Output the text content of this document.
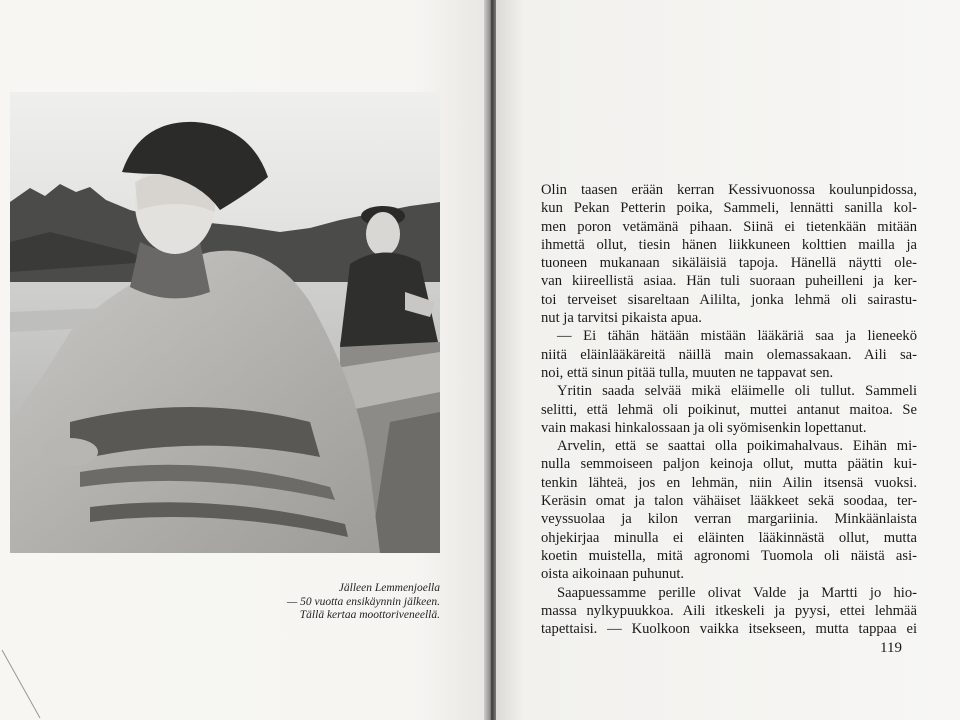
Jälleen Lemmenjoella
— 50 vuotta ensikäynnin jälkeen.
Tällä kertaa moottoriveneellä.
Olin taasen erään kerran Kessivuonossa koulunpidossa,
kun Pekan Petterin poika, Sammeli, lennätti sanilla kol-
men poron vetämänä pihaan. Siinä ei tietenkään mitään
ihmettä ollut, tiesin hänen liikkuneen kolttien mailla ja
tuoneen mukanaan sikäläisiä tapoja. Hänellä näytti ole-
van kiireellistä asiaa. Hän tuli suoraan puheilleni ja ker-
toi terveiset sisareltaan Aililta, jonka lehmä oli sairastu-
nut ja tarvitsi pikaista apua.
— Ei tähän hätään mistään lääkäriä saa ja lieneekö
niitä eläinlääkäreitä näillä main olemassakaan. Aili sa-
noi, että sinun pitää tulla, muuten ne tappavat sen.
Yritin saada selvää mikä eläimelle oli tullut. Sammeli
selitti, että lehmä oli poikinut, muttei antanut maitoa. Se
vain makasi hinkalossaan ja oli syömisenkin lopettanut.
Arvelin, että se saattai olla poikimahalvaus. Eihän mi-
nulla semmoiseen paljon keinoja ollut, mutta päätin kui-
tenkin lähteä, jos en lehmän, niin Ailin itsensä vuoksi.
Keräsin omat ja talon vähäiset lääkkeet sekä soodaa, ter-
veyssuolaa ja kilon verran margariinia. Minkäänlaista
ohjekirjaa minulla ei eläinten lääkinnästä ollut, mutta
koetin muistella, mitä agronomi Tuomola oli näistä asi-
oista aikoinaan puhunut.
Saapuessamme perille olivat Valde ja Martti jo hio-
massa nylkypuukkoa. Aili itkeskeli ja pyysi, ettei lehmää
tapettaisi. — Kuolkoon vaikka itsekseen, mutta tappaa ei
119
